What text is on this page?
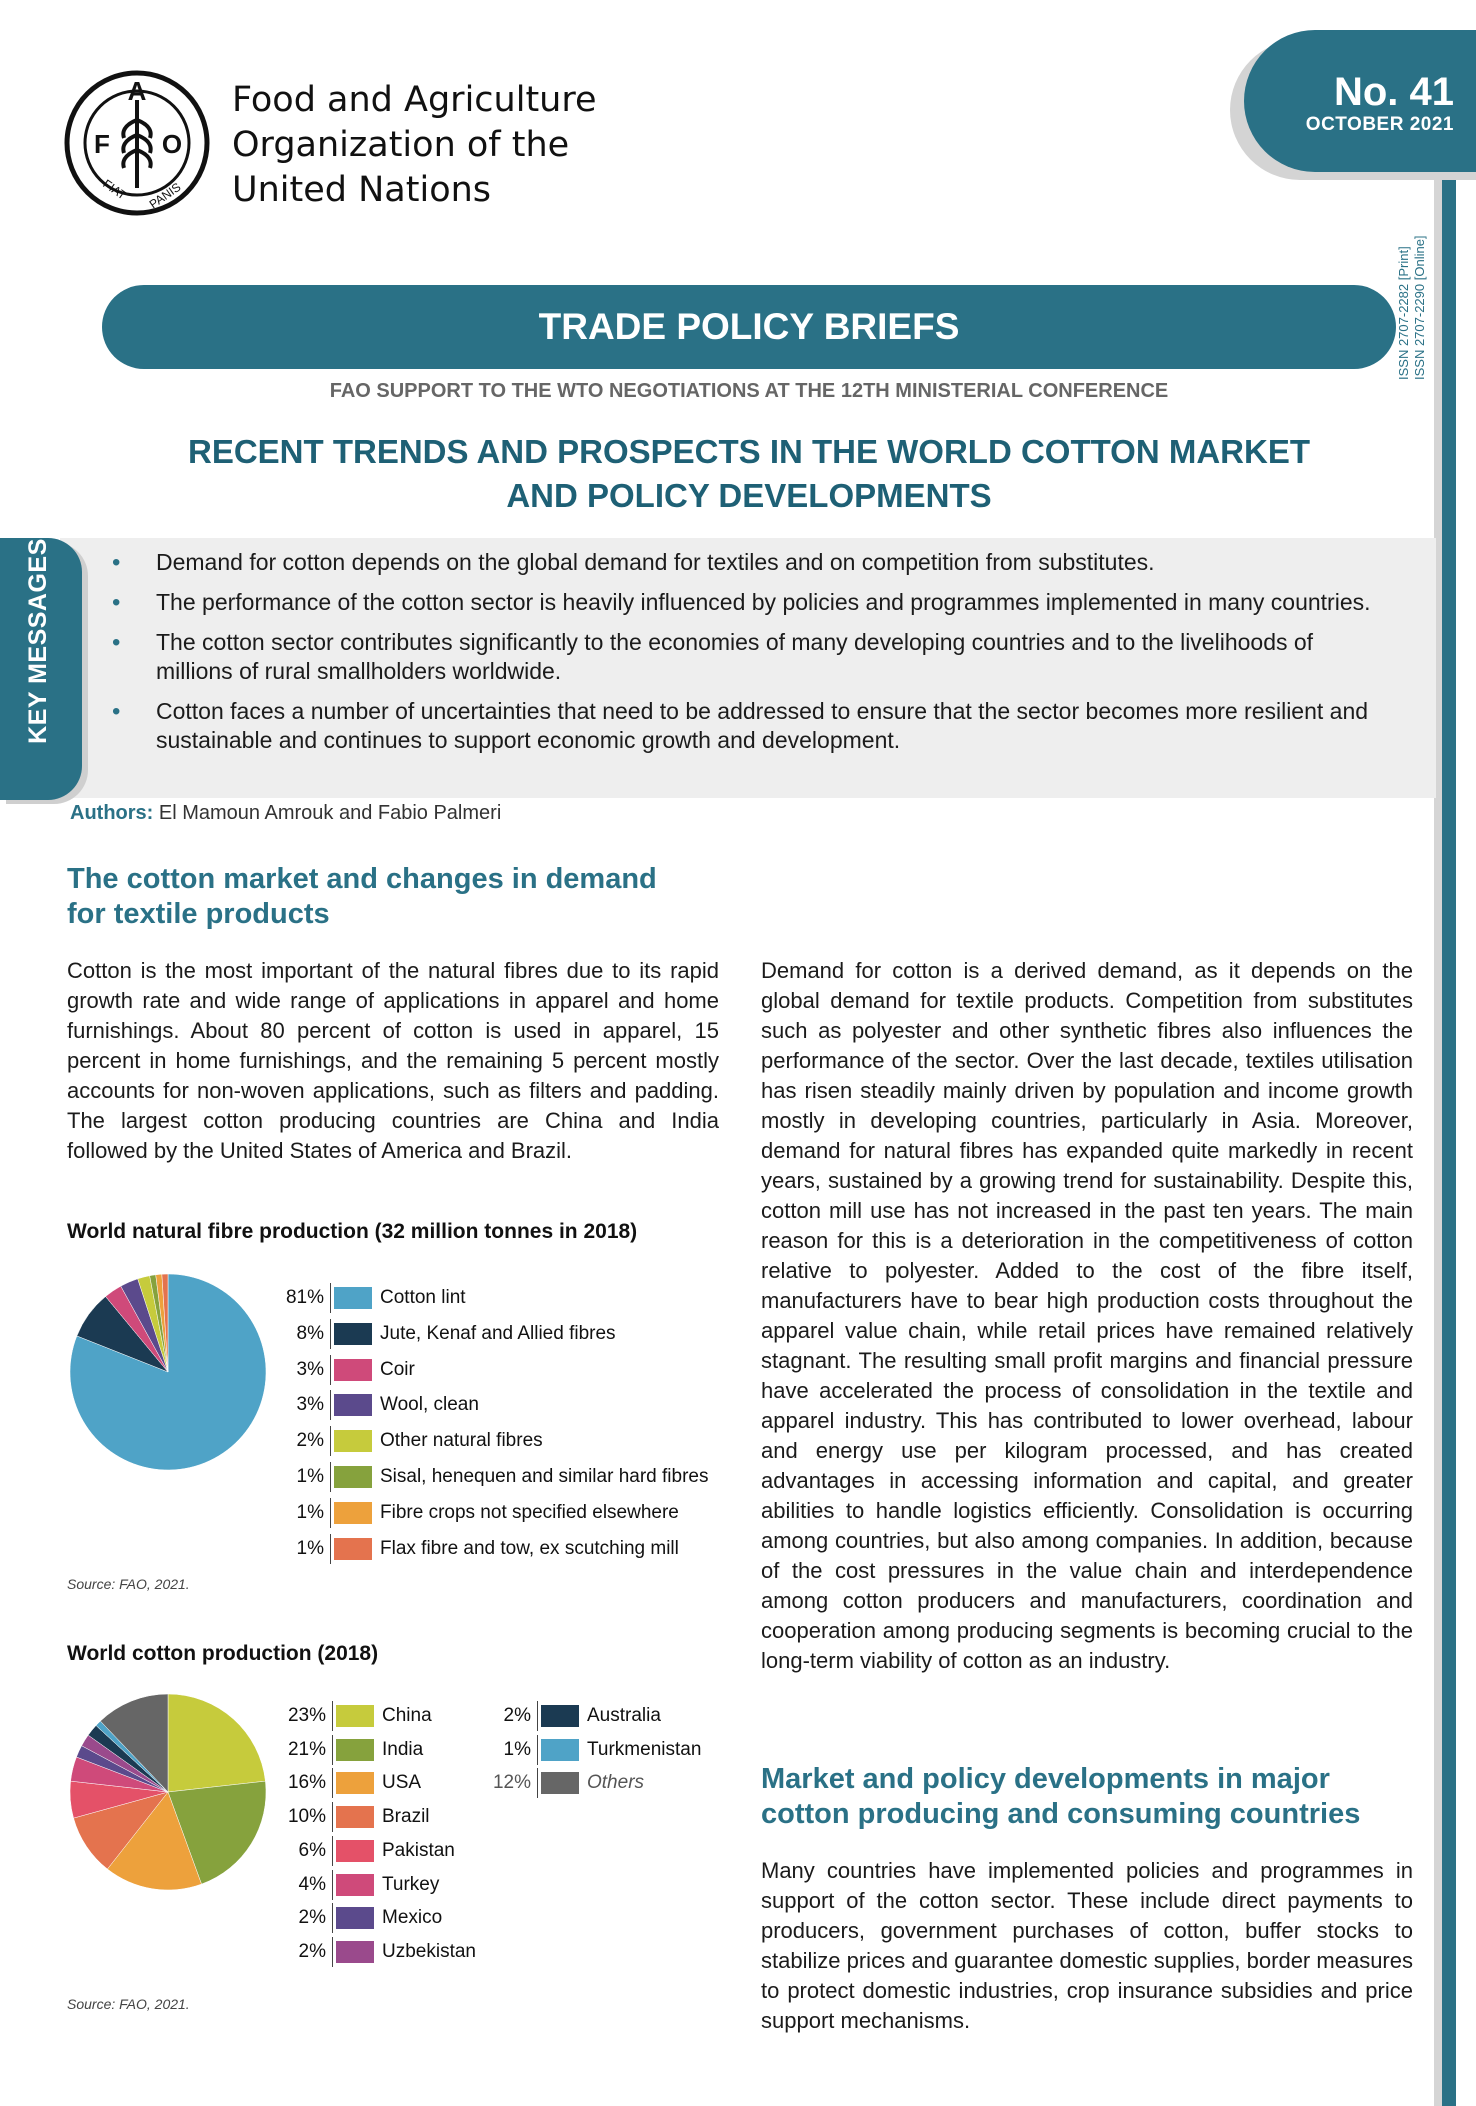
No. 41
OCTOBER 2021
ISSN 2707-2282 [Print] ISSN 2707-2290 [Online]
A
F O
FIAT PANIS
Food and Agriculture
Organization of the
United Nations
TRADE POLICY BRIEFS
FAO SUPPORT TO THE WTO NEGOTIATIONS AT THE 12TH MINISTERIAL CONFERENCE
RECENT TRENDS AND PROSPECTS IN THE WORLD COTTON MARKET
AND POLICY DEVELOPMENTS
KEY MESSAGES	• Demand for cotton depends on the global demand for textiles and on competition from substitutes.
• The performance of the cotton sector is heavily influenced by policies and programmes implemented in many countries.
• The cotton sector contributes significantly to the economies of many developing countries and to the livelihoods of millions of rural smallholders worldwide.
• Cotton faces a number of uncertainties that need to be addressed to ensure that the sector becomes more resilient and sustainable and continues to support economic growth and development.
Authors: El Mamoun Amrouk and Fabio Palmeri
The cotton market and changes in demand
for textile products
Cotton is the most important of the natural fibres due to its rapid growth rate and wide range of applications in apparel and home furnishings. About 80 percent of cotton is used in apparel, 15 percent in home furnishings, and the remaining 5 percent mostly accounts for non-woven applications, such as filters and padding. The largest cotton producing countries are China and India followed by the United States of America and Brazil.
World natural fibre production (32 million tonnes in 2018)
81%	Cotton lint
8%	Jute, Kenaf and Allied fibres
3%	Coir
3%	Wool, clean
2%	Other natural fibres
1%	Sisal, henequen and similar hard fibres
1%	Fibre crops not specified elsewhere
1%	Flax fibre and tow, ex scutching mill
Source: FAO, 2021.
World cotton production (2018)
23%	China
21%	India
16%	USA
10%	Brazil
6%	Pakistan
4%	Turkey
2%	Mexico
2%	Uzbekistan
2%	Australia
1%	Turkmenistan
12%	Others
Source: FAO, 2021.
Demand for cotton is a derived demand, as it depends on the global demand for textile products. Competition from substitutes such as polyester and other synthetic fibres also influences the performance of the sector. Over the last decade, textiles utilisation has risen steadily mainly driven by population and income growth mostly in developing countries, particularly in Asia. Moreover, demand for natural fibres has expanded quite markedly in recent years, sustained by a growing trend for sustainability. Despite this, cotton mill use has not increased in the past ten years. The main reason for this is a deterioration in the competitiveness of cotton relative to polyester. Added to the cost of the fibre itself, manufacturers have to bear high production costs throughout the apparel value chain, while retail prices have remained relatively stagnant. The resulting small profit margins and financial pressure have accelerated the process of consolidation in the textile and apparel industry. This has contributed to lower overhead, labour and energy use per kilogram processed, and has created advantages in accessing information and capital, and greater abilities to handle logistics efficiently. Consolidation is occurring among countries, but also among companies. In addition, because of the cost pressures in the value chain and interdependence among cotton producers and manufacturers, coordination and cooperation among producing segments is becoming crucial to the long-term viability of cotton as an industry.
Market and policy developments in major
cotton producing and consuming countries
Many countries have implemented policies and programmes in support of the cotton sector. These include direct payments to producers, government purchases of cotton, buffer stocks to stabilize prices and guarantee domestic supplies, border measures to protect domestic industries, crop insurance subsidies and price support mechanisms.
